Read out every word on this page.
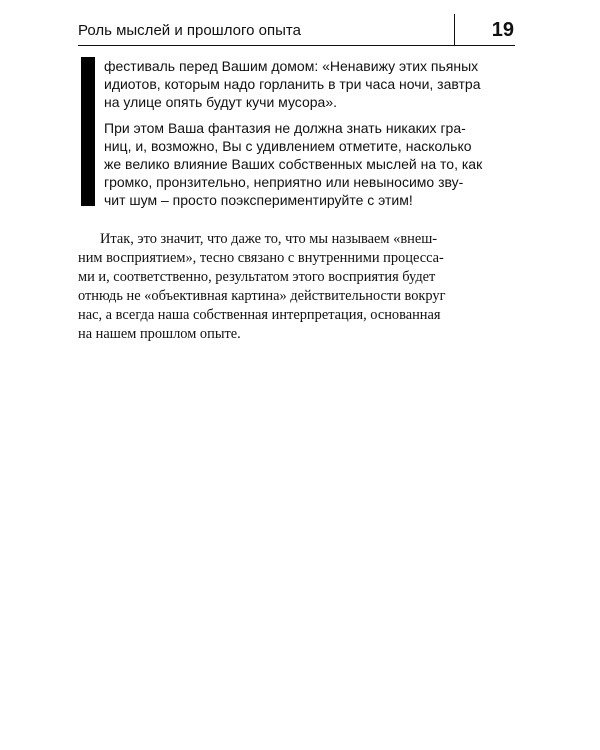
Роль мыслей и прошлого опыта	19

фестиваль перед Вашим домом: «Ненавижу этих пьяных

идиотов, которым надо горланить в три часа ночи, завтра

на улице опять будут кучи мусора».

При этом Ваша фантазия не должна знать никаких гра-

ниц, и, возможно, Вы с удивлением отметите, насколько

же велико влияние Ваших собственных мыслей на то, как

громко, пронзительно, неприятно или невыносимо зву-

чит шум – просто поэкспериментируйте с этим!

Итак, это значит, что даже то, что мы называем «внеш-
ним восприятием», тесно связано с внутренними процесса-
ми и, соответственно, результатом этого восприятия будет
отнюдь не «объективная картина» действительности вокруг
нас, а всегда наша собственная интерпретация, основанная
на нашем прошлом опыте.
